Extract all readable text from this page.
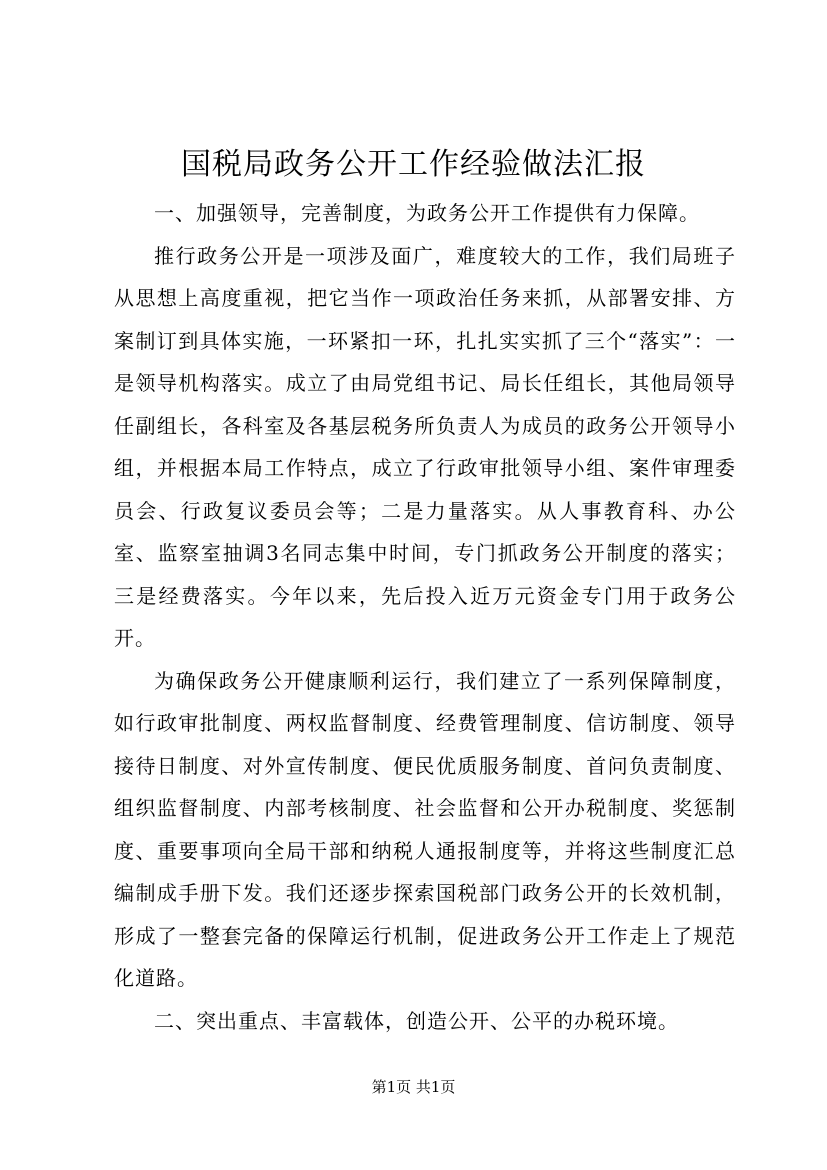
国税局政务公开工作经验做法汇报

一、加强领导，完善制度，为政务公开工作提供有力保障。

推行政务公开是一项涉及面广，难度较大的工作，我们局班子从思想上高度重视，把它当作一项政治任务来抓，从部署安排、方案制订到具体实施，一环紧扣一环，扎扎实实抓了三个“落实”：一是领导机构落实。成立了由局党组书记、局长任组长，其他局领导任副组长，各科室及各基层税务所负责人为成员的政务公开领导小组，并根据本局工作特点，成立了行政审批领导小组、案件审理委员会、行政复议委员会等；二是力量落实。从人事教育科、办公室、监察室抽调3名同志集中时间，专门抓政务公开制度的落实；三是经费落实。今年以来，先后投入近万元资金专门用于政务公开。

为确保政务公开健康顺利运行，我们建立了一系列保障制度，如行政审批制度、两权监督制度、经费管理制度、信访制度、领导接待日制度、对外宣传制度、便民优质服务制度、首问负责制度、组织监督制度、内部考核制度、社会监督和公开办税制度、奖惩制度、重要事项向全局干部和纳税人通报制度等，并将这些制度汇总编制成手册下发。我们还逐步探索国税部门政务公开的长效机制，形成了一整套完备的保障运行机制，促进政务公开工作走上了规范化道路。

二、突出重点、丰富载体，创造公开、公平的办税环境。

第1页 共1页
